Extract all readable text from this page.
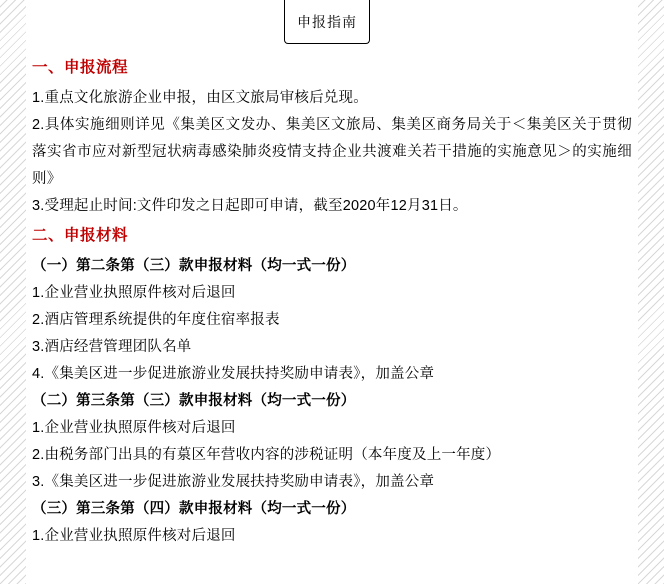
申报指南
一、申报流程

1.重点文化旅游企业申报，由区文旅局审核后兑现。

2.具体实施细则详见《集美区文发办、集美区文旅局、集美区商务局关于＜集美区关于贯彻落实省市应对新型冠状病毒感染肺炎疫情支持企业共渡难关若干措施的实施意见＞的实施细则》

3.受理起止时间:文件印发之日起即可申请，截至2020年12月31日。

二、申报材料

（一）第二条第（三）款申报材料（均一式一份）

1.企业营业执照原件核对后退回

2.酒店管理系统提供的年度住宿率报表

3.酒店经营管理团队名单

4.《集美区进一步促进旅游业发展扶持奖励申请表》，加盖公章

（二）第三条第（三）款申报材料（均一式一份）

1.企业营业执照原件核对后退回

2.由税务部门出具的有葲区年营收内容的涉税证明（本年度及上一年度）

3.《集美区进一步促进旅游业发展扶持奖励申请表》，加盖公章

（三）第三条第（四）款申报材料（均一式一份）

1.企业营业执照原件核对后退回
